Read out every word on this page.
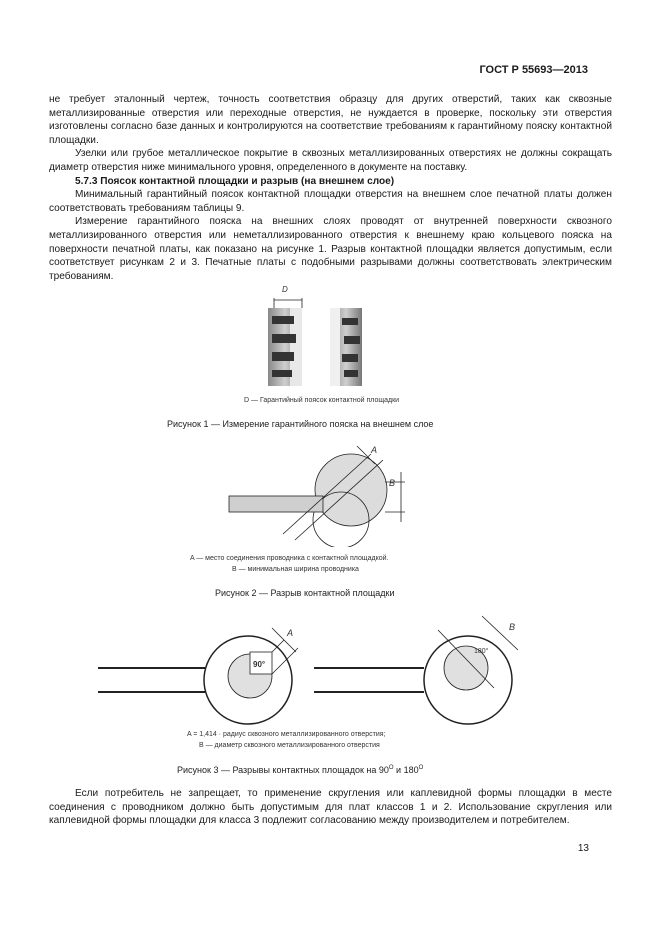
ГОСТ Р 55693—2013

не требует эталонный чертеж, точность соответствия образцу для других отверстий, таких как сквозные металлизированные отверстия или переходные отверстия, не нуждается в проверке, поскольку эти отверстия изготовлены согласно базе данных и контролируются на соответствие требованиям к гарантийному пояску контактной площадки.

Узелки или грубое металлическое покрытие в сквозных металлизированных отверстиях не должны сокращать диаметр отверстия ниже минимального уровня, определенного в документе на поставку.

5.7.3 Поясок контактной площадки и разрыв (на внешнем слое)

Минимальный гарантийный поясок контактной площадки отверстия на внешнем слое печатной платы должен соответствовать требованиям таблицы 9.

Измерение гарантийного пояска на внешних слоях проводят от внутренней поверхности сквозного металлизированного отверстия или неметаллизированного отверстия к внешнему краю кольцевого пояска на поверхности печатной платы, как показано на рисунке 1. Разрыв контактной площадки является допустимым, если соответствует рисункам 2 и 3. Печатные платы с подобными разрывами должны соответствовать электрическим требованиям.

D
D — Гарантийный поясок контактной площадки
Рисунок 1 — Измерение гарантийного пояска на внешнем слое
A
B
A — место соединения проводника с контактной площадкой.
B — минимальная ширина проводника
Рисунок 2 — Разрыв контактной площадки
A
90°
B
180°
A = 1,414 · радиус сквозного металлизированного отверстия;
B — диаметр сквозного металлизированного отверстия
Рисунок 3 — Разрывы контактных площадок на $90^O$ и $180^O$

Если потребитель не запрещает, то применение скругления или каплевидной формы площадки в месте соединения с проводником должно быть допустимым для плат классов 1 и 2. Использование скругления или каплевидной формы площадки для класса 3 подлежит согласованию между производителем и потребителем.

13
